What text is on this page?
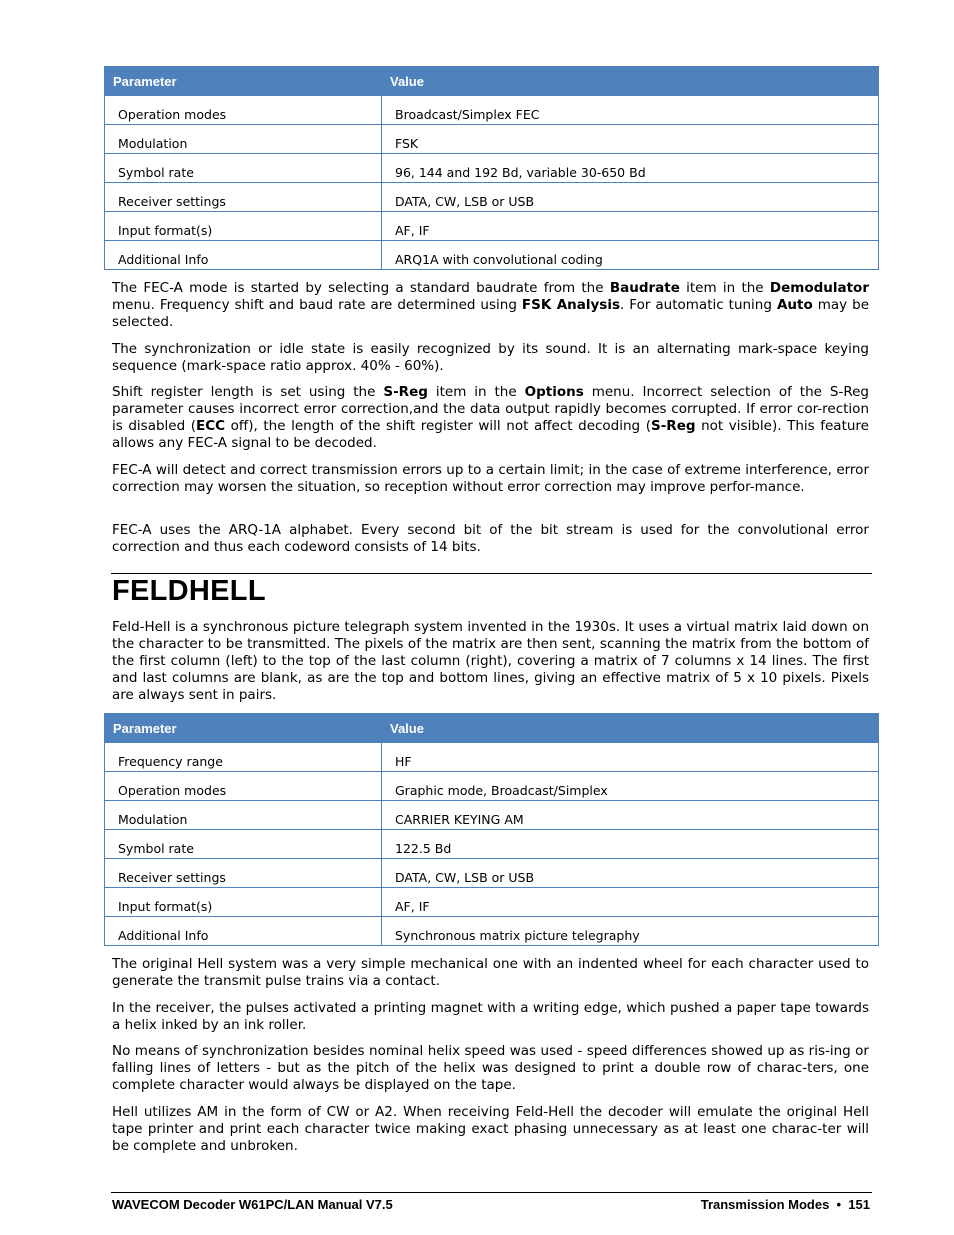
Parameter	Value
Operation modes	Broadcast/Simplex FEC
Modulation	FSK
Symbol rate	96, 144 and 192 Bd, variable 30-650 Bd
Receiver settings	DATA, CW, LSB or USB
Input format(s)	AF, IF
Additional Info	ARQ1A with convolutional coding

The FEC-A mode is started by selecting a standard baudrate from the Baudrate item in the Demodulator menu. Frequency shift and baud rate are determined using FSK Analysis. For automatic tuning Auto may be selected.

The synchronization or idle state is easily recognized by its sound. It is an alternating mark-space keying sequence (mark-space ratio approx. 40% - 60%).

Shift register length is set using the S-Reg item in the Options menu. Incorrect selection of the S-Reg parameter causes incorrect error correction,and the data output rapidly becomes corrupted. If error cor-rection is disabled (ECC off), the length of the shift register will not affect decoding (S-Reg not visible). This feature allows any FEC-A signal to be decoded.

FEC-A will detect and correct transmission errors up to a certain limit; in the case of extreme interference, error correction may worsen the situation, so reception without error correction may improve perfor-mance.

FEC-A uses the ARQ-1A alphabet. Every second bit of the bit stream is used for the convolutional error correction and thus each codeword consists of 14 bits.

FELDHELL

Feld-Hell is a synchronous picture telegraph system invented in the 1930s. It uses a virtual matrix laid down on the character to be transmitted. The pixels of the matrix are then sent, scanning the matrix from the bottom of the first column (left) to the top of the last column (right), covering a matrix of 7 columns x 14 lines. The first and last columns are blank, as are the top and bottom lines, giving an effective matrix of 5 x 10 pixels. Pixels are always sent in pairs.

Parameter	Value
Frequency range	HF
Operation modes	Graphic mode, Broadcast/Simplex
Modulation	CARRIER KEYING AM
Symbol rate	122.5 Bd
Receiver settings	DATA, CW, LSB or USB
Input format(s)	AF, IF
Additional Info	Synchronous matrix picture telegraphy

The original Hell system was a very simple mechanical one with an indented wheel for each character used to generate the transmit pulse trains via a contact.

In the receiver, the pulses activated a printing magnet with a writing edge, which pushed a paper tape towards a helix inked by an ink roller.

No means of synchronization besides nominal helix speed was used - speed differences showed up as ris-ing or falling lines of letters - but as the pitch of the helix was designed to print a double row of charac-ters, one complete character would always be displayed on the tape.

Hell utilizes AM in the form of CW or A2. When receiving Feld-Hell the decoder will emulate the original Hell tape printer and print each character twice making exact phasing unnecessary as at least one charac-ter will be complete and unbroken.

WAVECOM Decoder W61PC/LAN Manual V7.5	Transmission Modes  •  151
